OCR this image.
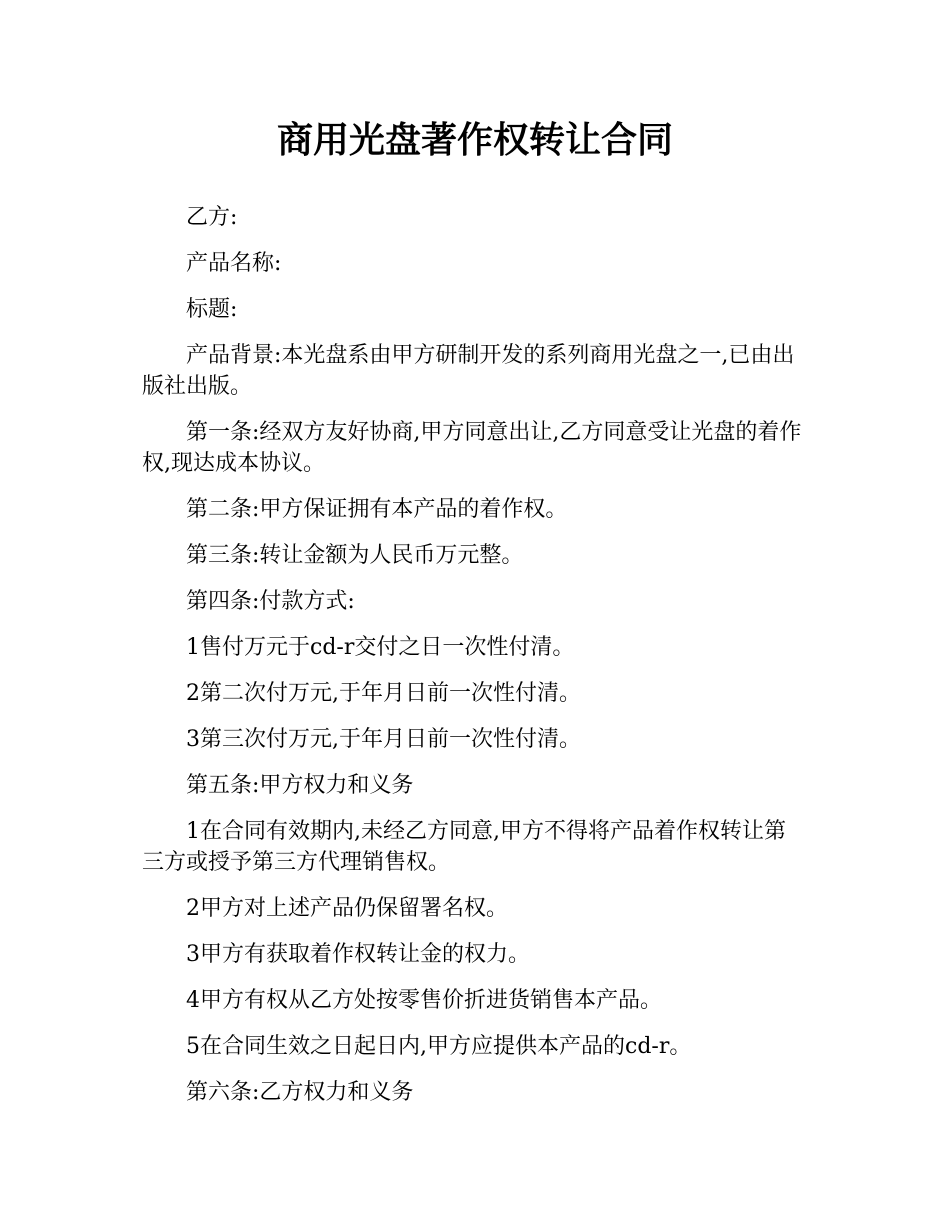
商用光盘著作权转让合同

乙方:

产品名称:

标题:

产品背景:本光盘系由甲方研制开发的系列商用光盘之一,已由出版社出版。

第一条:经双方友好协商,甲方同意出让,乙方同意受让光盘的着作权,现达成本协议。

第二条:甲方保证拥有本产品的着作权。

第三条:转让金额为人民币万元整。

第四条:付款方式:

1售付万元于cd-r交付之日一次性付清。

2第二次付万元,于年月日前一次性付清。

3第三次付万元,于年月日前一次性付清。

第五条:甲方权力和义务

1在合同有效期内,未经乙方同意,甲方不得将产品着作权转让第三方或授予第三方代理销售权。

2甲方对上述产品仍保留署名权。

3甲方有获取着作权转让金的权力。

4甲方有权从乙方处按零售价折进货销售本产品。

5在合同生效之日起日内,甲方应提供本产品的cd-r。

第六条:乙方权力和义务
